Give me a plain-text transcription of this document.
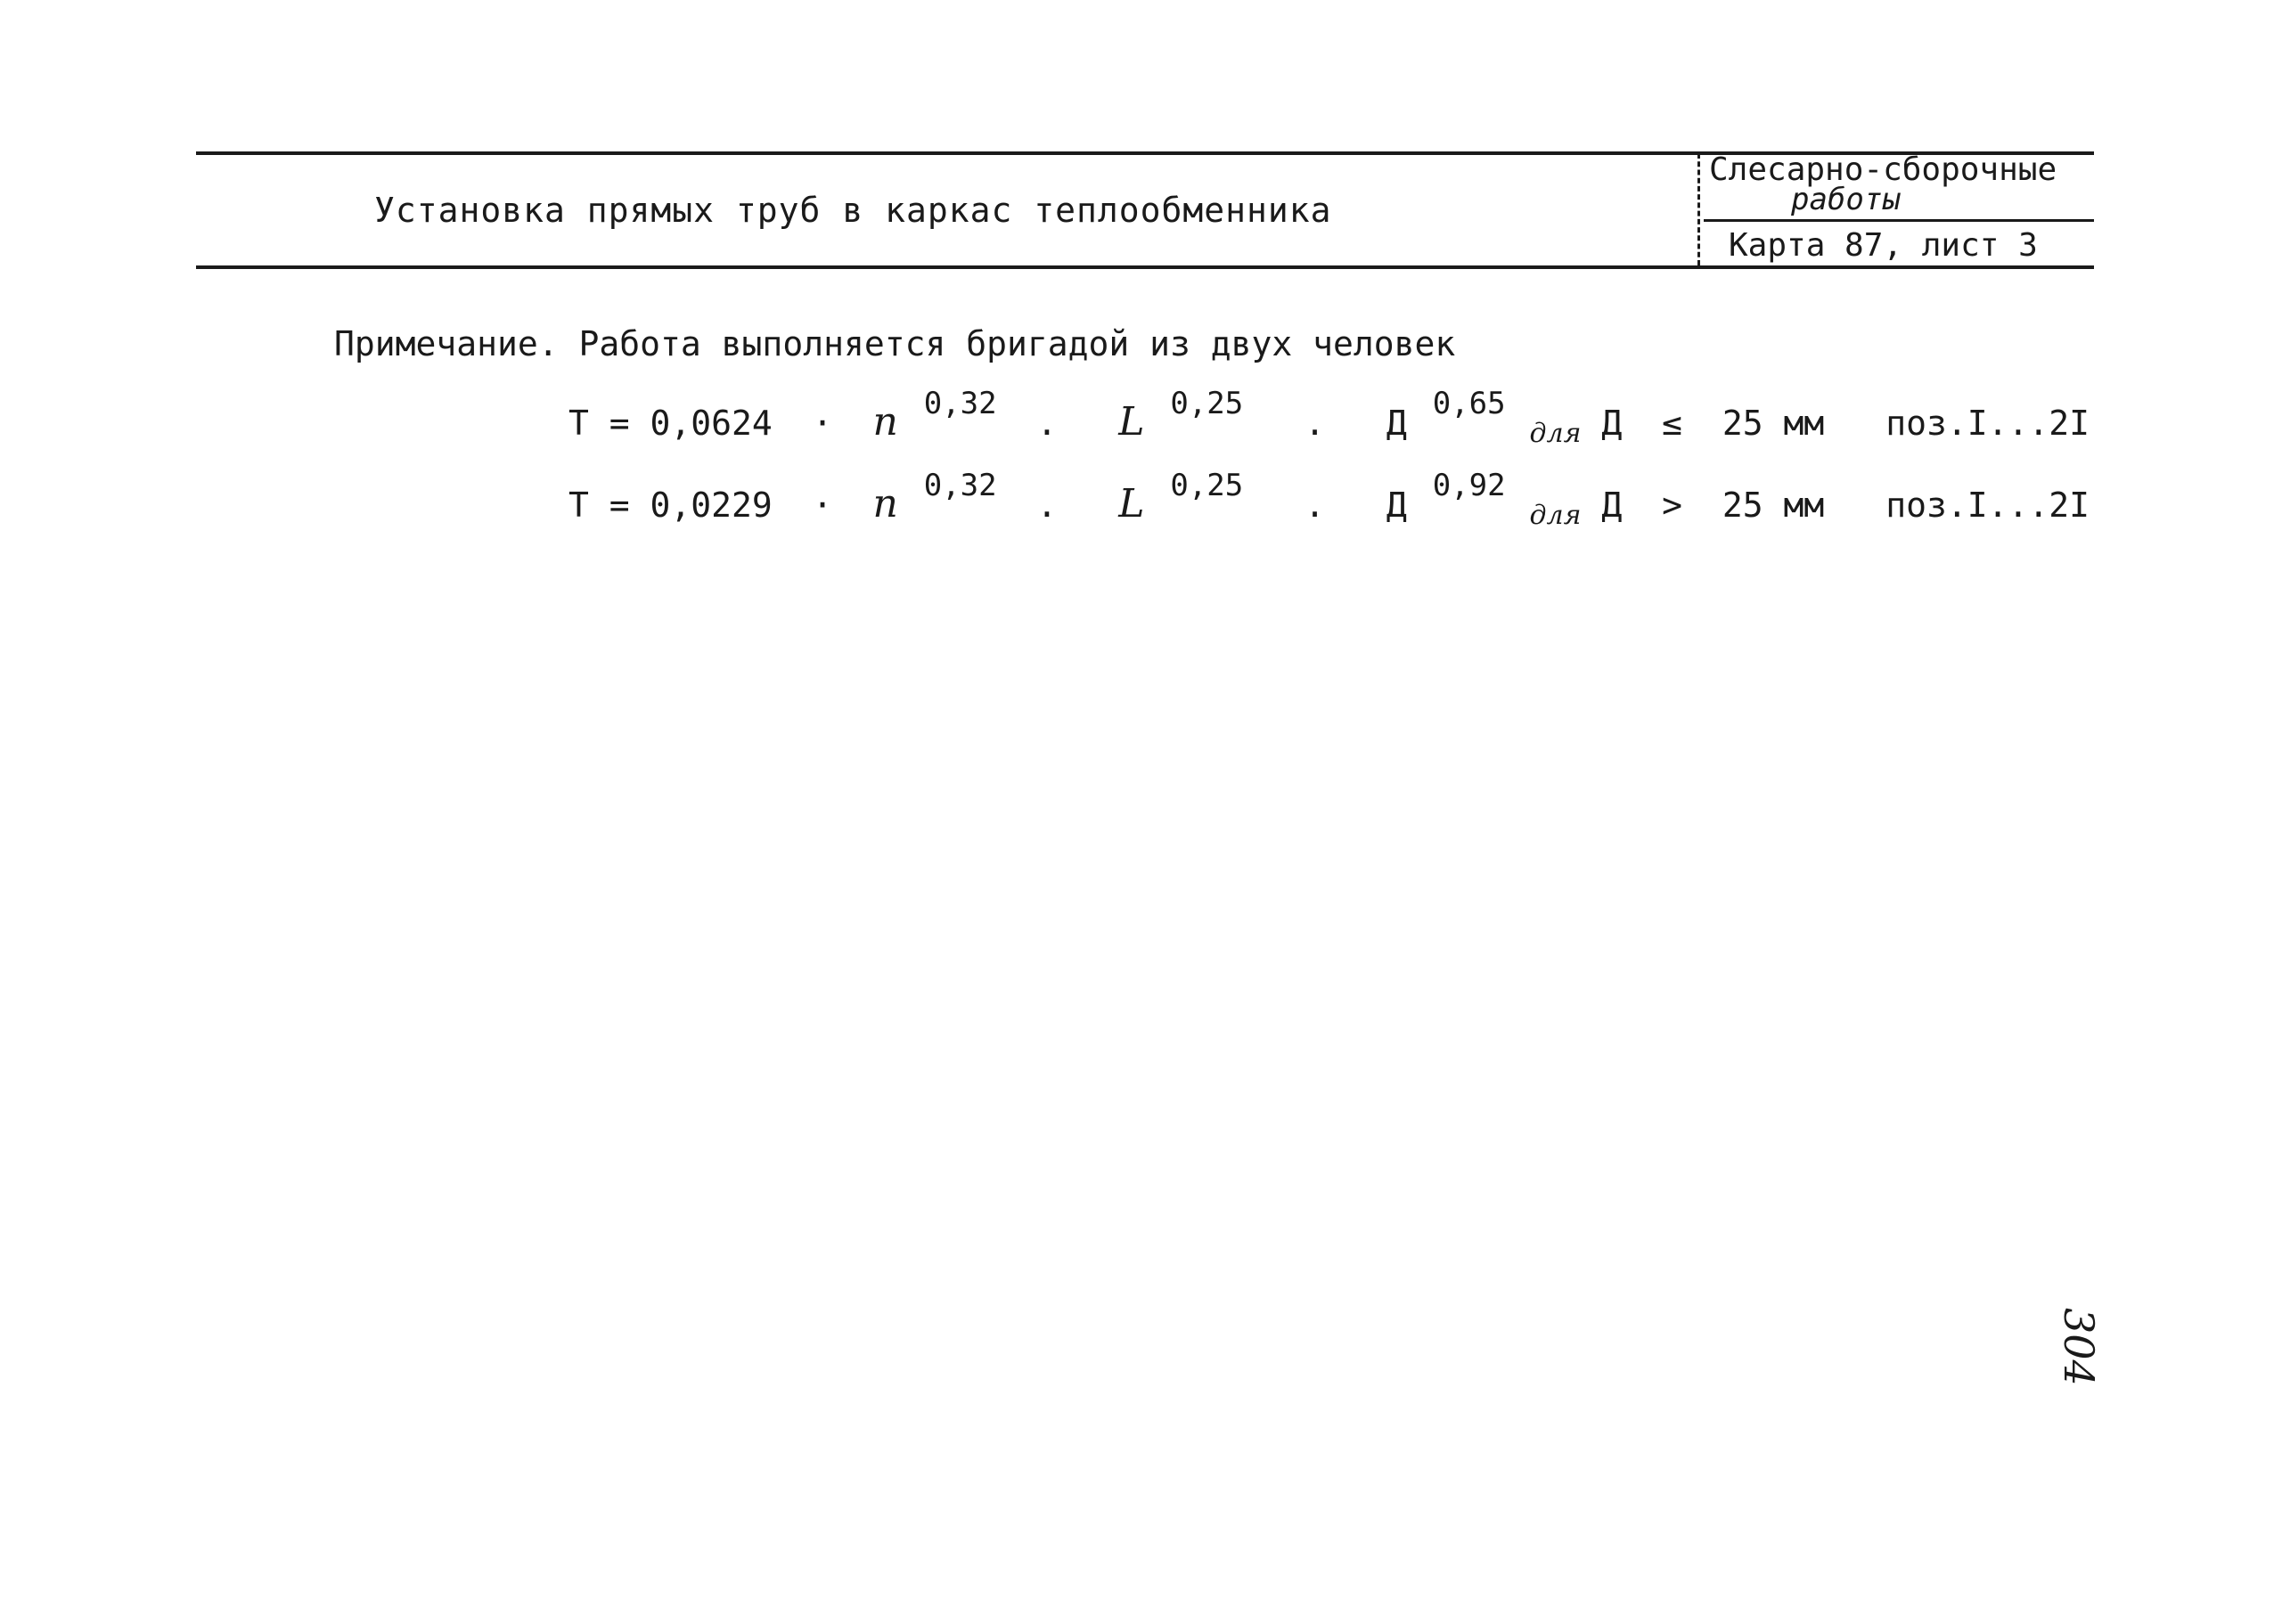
Установка прямых труб в каркас теплообменника
Слесарно-сборочные
работы
Карта 87, лист 3
Примечание. Работа выполняется бригадой из двух человек
Т = 0,0624 · n 0,32 . L 0,25 . Д 0,65 для Д ≤ 25 мм поз.I...2I
Т = 0,0229 · n 0,32 . L 0,25 . Д 0,92 для Д > 25 мм поз.I...2I
304
